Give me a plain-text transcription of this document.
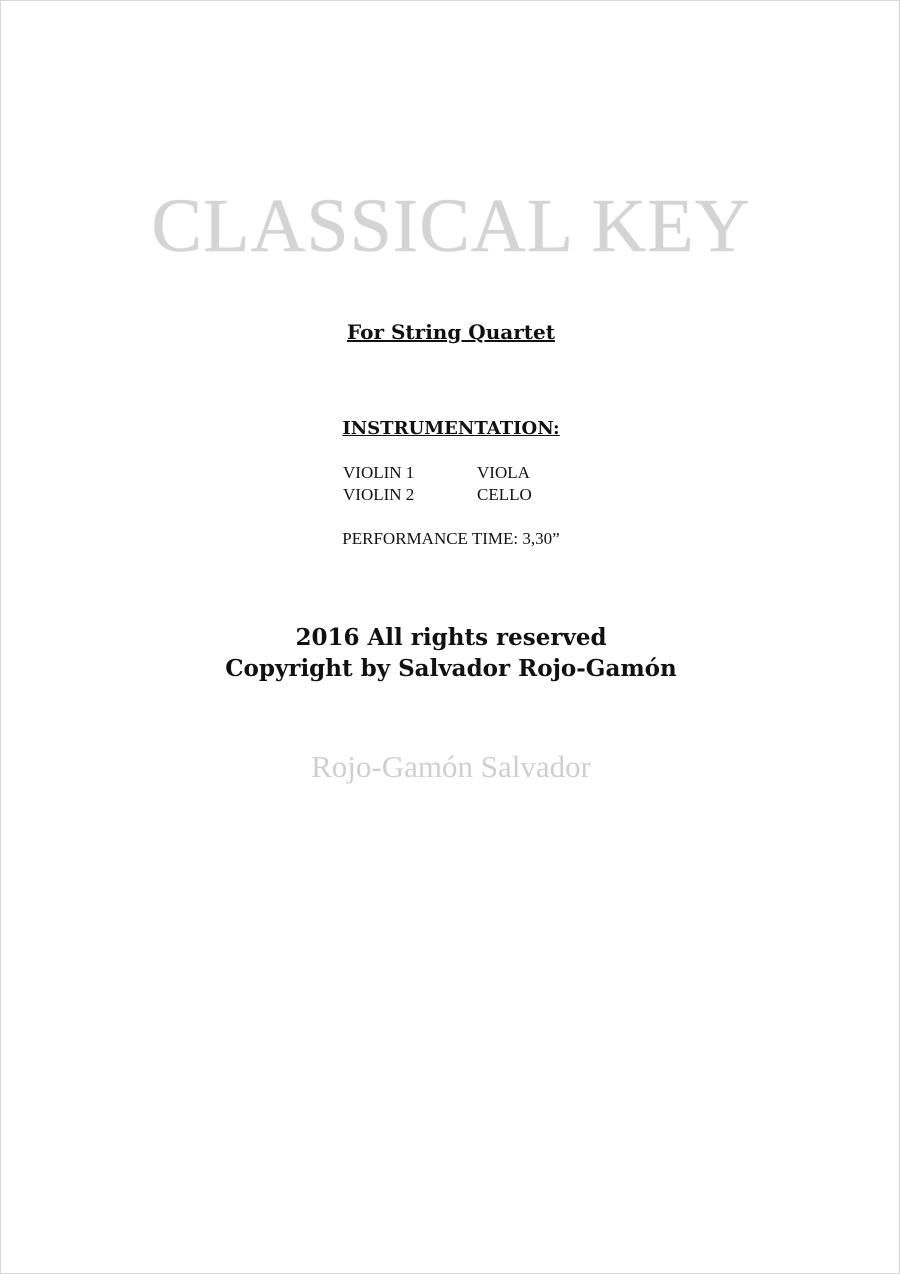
CLASSICAL KEY
For String Quartet
INSTRUMENTATION:
VIOLIN 1	VIOLA
VIOLIN 2	CELLO
PERFORMANCE TIME: 3,30”
2016 All rights reserved
Copyright by Salvador Rojo-Gamón
Rojo-Gamón Salvador
